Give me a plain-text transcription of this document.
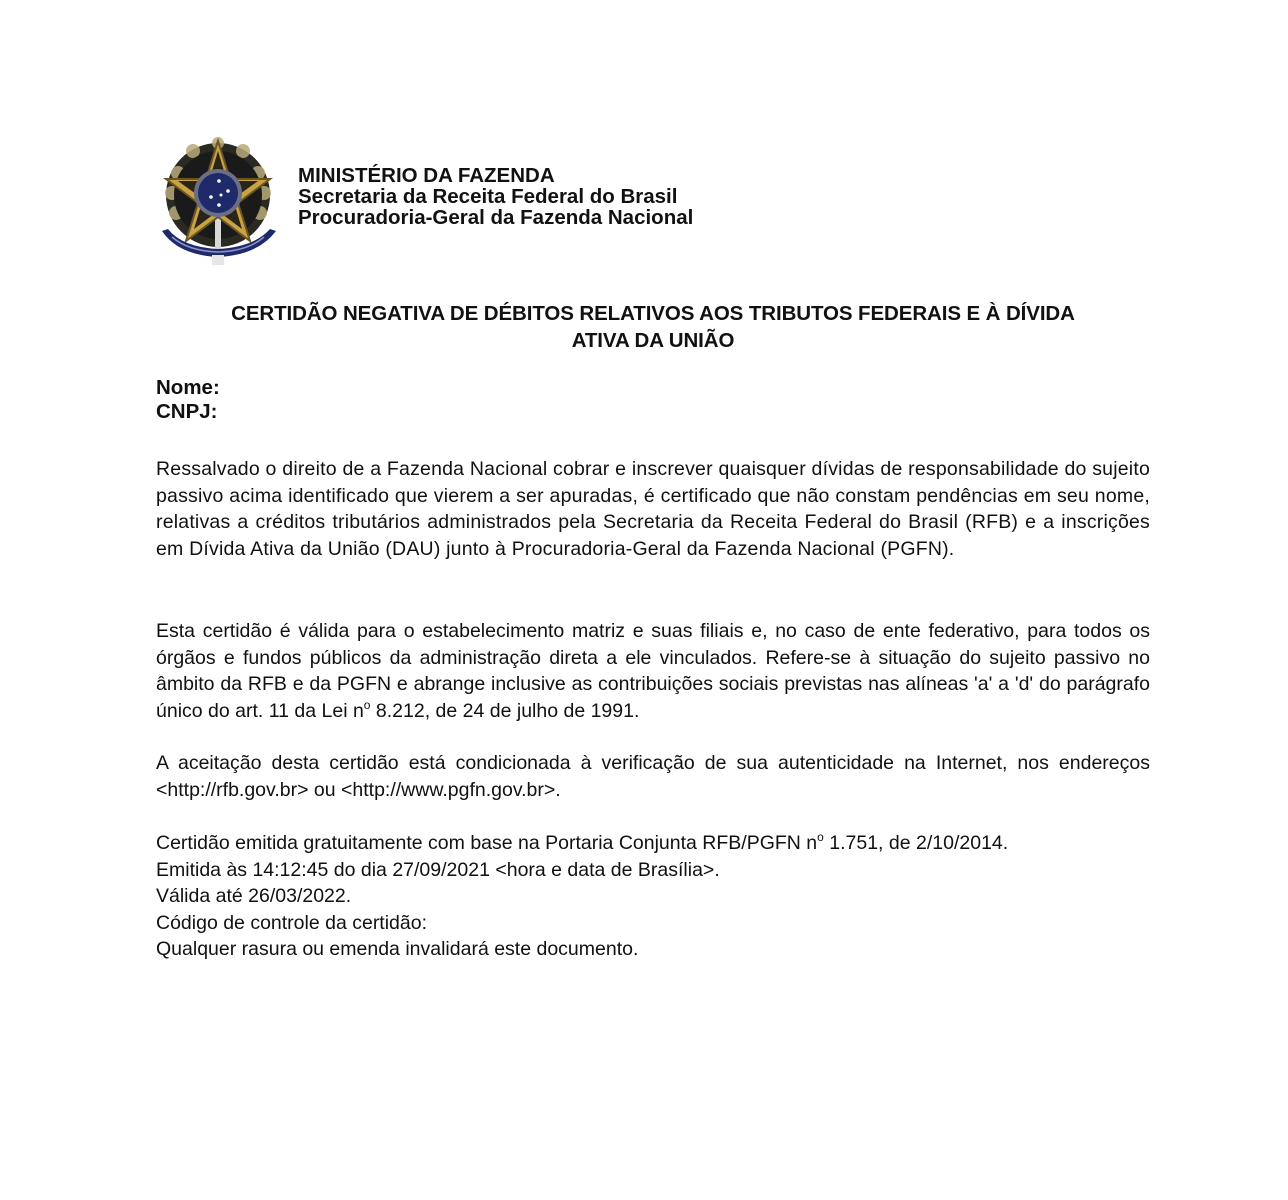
MINISTÉRIO DA FAZENDA
Secretaria da Receita Federal do Brasil
Procuradoria-Geral da Fazenda Nacional
CERTIDÃO NEGATIVA DE DÉBITOS RELATIVOS AOS TRIBUTOS FEDERAIS E À DÍVIDA
ATIVA DA UNIÃO
Nome:
CNPJ:
Ressalvado o direito de a Fazenda Nacional cobrar e inscrever quaisquer dívidas de responsabilidade do sujeito passivo acima identificado que vierem a ser apuradas, é certificado que não constam pendências em seu nome, relativas a créditos tributários administrados pela Secretaria da Receita Federal do Brasil (RFB) e a inscrições em Dívida Ativa da União (DAU) junto à Procuradoria-Geral da Fazenda Nacional (PGFN).
Esta certidão é válida para o estabelecimento matriz e suas filiais e, no caso de ente federativo, para todos os órgãos e fundos públicos da administração direta a ele vinculados. Refere-se à situação do sujeito passivo no âmbito da RFB e da PGFN e abrange inclusive as contribuições sociais previstas nas alíneas 'a' a 'd' do parágrafo único do art. 11 da Lei $n^o$ 8.212, de 24 de julho de 1991.
A aceitação desta certidão está condicionada à verificação de sua autenticidade na Internet, nos endereços <http://rfb.gov.br> ou <http://www.pgfn.gov.br>.
Certidão emitida gratuitamente com base na Portaria Conjunta RFB/PGFN $n^o$ 1.751, de 2/10/2014.
Emitida às 14:12:45 do dia 27/09/2021 <hora e data de Brasília>.
Válida até 26/03/2022.
Código de controle da certidão:
Qualquer rasura ou emenda invalidará este documento.
